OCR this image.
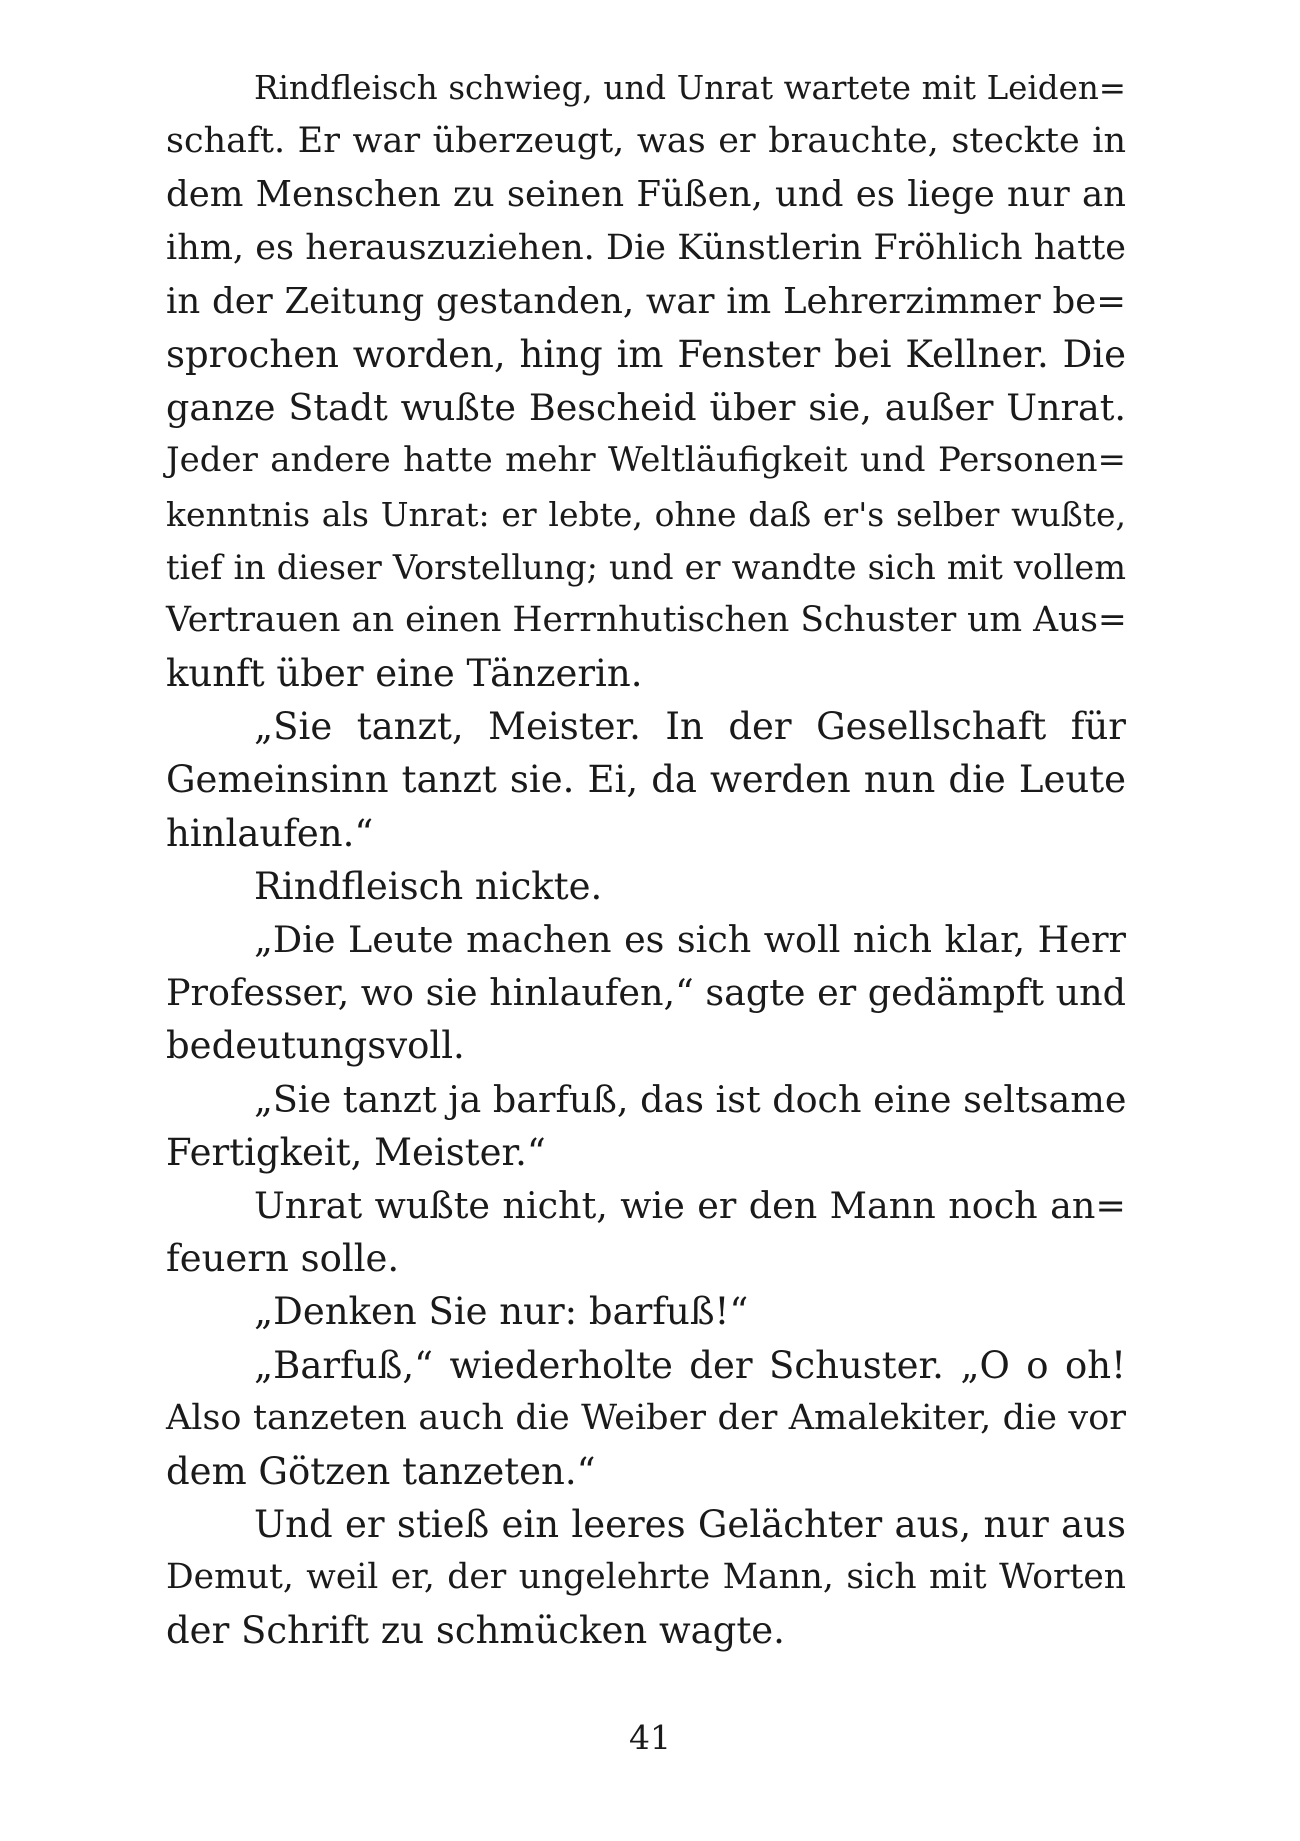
Rindfleisch schwieg, und Unrat wartete mit Leiden=
schaft. Er war überzeugt, was er brauchte, steckte in
dem Menschen zu seinen Füßen, und es liege nur an
ihm, es herauszuziehen. Die Künstlerin Fröhlich hatte
in der Zeitung gestanden, war im Lehrerzimmer be=
sprochen worden, hing im Fenster bei Kellner. Die
ganze Stadt wußte Bescheid über sie, außer Unrat.
Jeder andere hatte mehr Weltläufigkeit und Personen=
kenntnis als Unrat: er lebte, ohne daß er's selber wußte,
tief in dieser Vorstellung; und er wandte sich mit vollem
Vertrauen an einen Herrnhutischen Schuster um Aus=
kunft über eine Tänzerin.
„Sie tanzt, Meister. In der Gesellschaft für
Gemeinsinn tanzt sie. Ei, da werden nun die Leute
hinlaufen.“
Rindfleisch nickte.
„Die Leute machen es sich woll nich klar, Herr
Professer, wo sie hinlaufen,“ sagte er gedämpft und
bedeutungsvoll.
„Sie tanzt ja barfuß, das ist doch eine seltsame
Fertigkeit, Meister.“
Unrat wußte nicht, wie er den Mann noch an=
feuern solle.
„Denken Sie nur: barfuß!“
„Barfuß,“ wiederholte der Schuster. „O o oh!
Also tanzeten auch die Weiber der Amalekiter, die vor
dem Götzen tanzeten.“
Und er stieß ein leeres Gelächter aus, nur aus
Demut, weil er, der ungelehrte Mann, sich mit Worten
der Schrift zu schmücken wagte.
41
